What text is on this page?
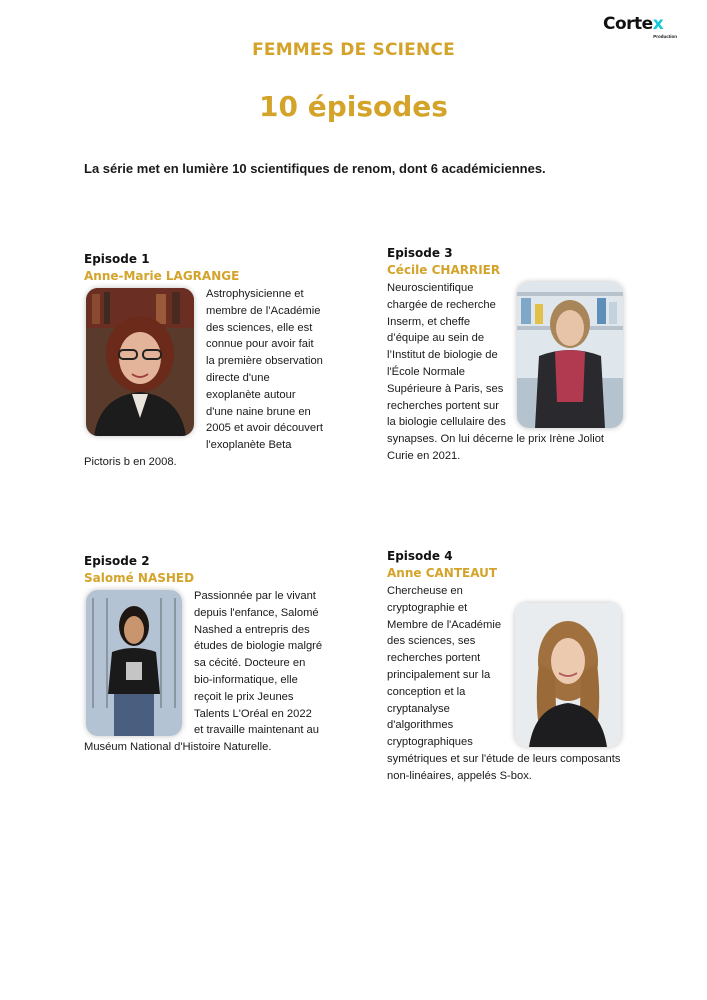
Cortex
Production
FEMMES DE SCIENCE
10 épisodes
La série met en lumière 10 scientifiques de renom, dont 6 académiciennes.
Episode 1
Anne-Marie LAGRANGE
Astrophysicienne et membre de l’Académie des sciences, elle est connue pour avoir fait la première observation directe d'une exoplanète autour d'une naine brune en 2005 et avoir découvert l'exoplanète Beta Pictoris b en 2008.
Episode 3
Cécile CHARRIER
Neuroscientifique chargée de recherche Inserm, et cheffe d’équipe au sein de l’Institut de biologie de l'École Normale Supérieure à Paris, ses recherches portent sur la biologie cellulaire des synapses. On lui décerne le prix Irène Joliot Curie en 2021.
Episode 2
Salomé NASHED
Passionnée par le vivant depuis l'enfance, Salomé Nashed a entrepris des études de biologie malgré sa cécité. Docteure en bio-informatique, elle reçoit le prix Jeunes Talents L'Oréal en 2022 et travaille maintenant au Muséum National d'Histoire Naturelle.
Episode 4
Anne CANTEAUT
Chercheuse en cryptographie et Membre de l'Académie des sciences, ses recherches portent principalement sur la conception et la cryptanalyse d'algorithmes cryptographiques symétriques et sur l'étude de leurs composants non-linéaires, appelés S-box.
